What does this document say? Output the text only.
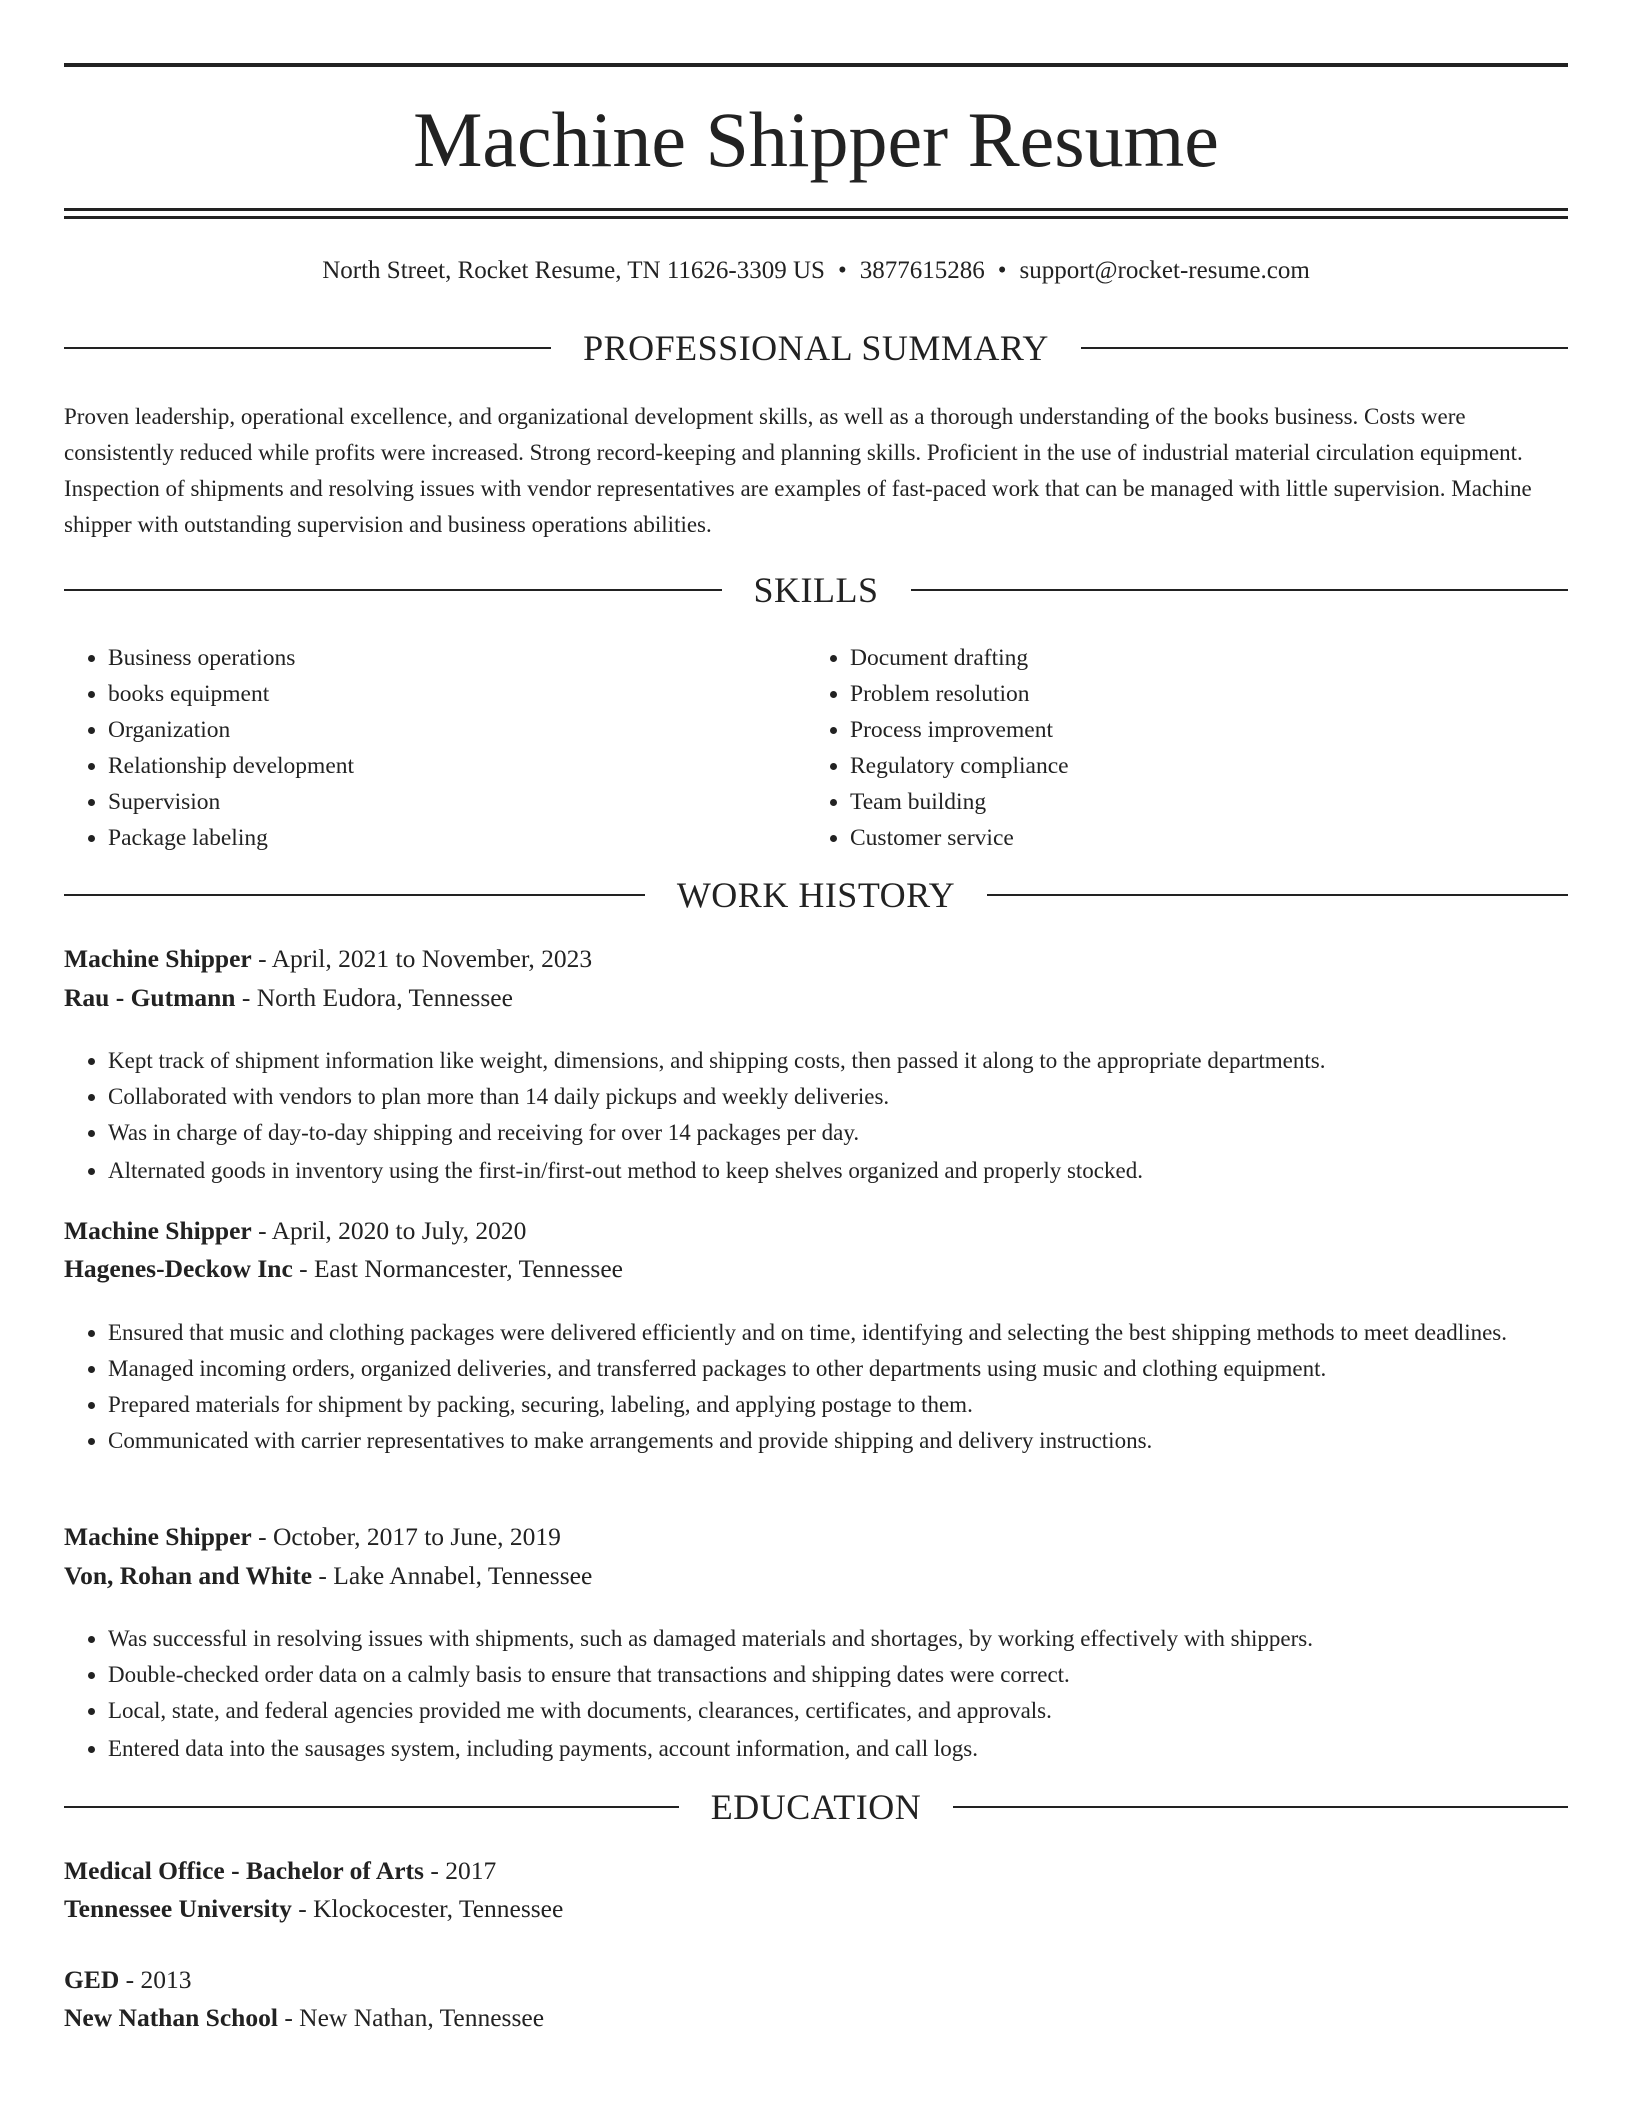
Machine Shipper Resume
North Street, Rocket Resume, TN 11626-3309 US • 3877615286 • support@rocket-resume.com
PROFESSIONAL SUMMARY

Proven leadership, operational excellence, and organizational development skills, as well as a thorough understanding of the books business. Costs were consistently reduced while profits were increased. Strong record-keeping and planning skills. Proficient in the use of industrial material circulation equipment. Inspection of shipments and resolving issues with vendor representatives are examples of fast-paced work that can be managed with little supervision. Machine shipper with outstanding supervision and business operations abilities.

SKILLS
• Business operations
• books equipment
• Organization
• Relationship development
• Supervision
• Package labeling
• Document drafting
• Problem resolution
• Process improvement
• Regulatory compliance
• Team building
• Customer service
WORK HISTORY
Machine Shipper - April, 2021 to November, 2023
Rau - Gutmann - North Eudora, Tennessee
• Kept track of shipment information like weight, dimensions, and shipping costs, then passed it along to the appropriate departments.
• Collaborated with vendors to plan more than 14 daily pickups and weekly deliveries.
• Was in charge of day-to-day shipping and receiving for over 14 packages per day.
• Alternated goods in inventory using the first-in/first-out method to keep shelves organized and properly stocked.
Machine Shipper - April, 2020 to July, 2020
Hagenes-Deckow Inc - East Normancester, Tennessee
• Ensured that music and clothing packages were delivered efficiently and on time, identifying and selecting the best shipping methods to meet deadlines.
• Managed incoming orders, organized deliveries, and transferred packages to other departments using music and clothing equipment.
• Prepared materials for shipment by packing, securing, labeling, and applying postage to them.
• Communicated with carrier representatives to make arrangements and provide shipping and delivery instructions.
Machine Shipper - October, 2017 to June, 2019
Von, Rohan and White - Lake Annabel, Tennessee
• Was successful in resolving issues with shipments, such as damaged materials and shortages, by working effectively with shippers.
• Double-checked order data on a calmly basis to ensure that transactions and shipping dates were correct.
• Local, state, and federal agencies provided me with documents, clearances, certificates, and approvals.
• Entered data into the sausages system, including payments, account information, and call logs.
EDUCATION
Medical Office - Bachelor of Arts - 2017
Tennessee University - Klockocester, Tennessee
GED - 2013
New Nathan School - New Nathan, Tennessee
